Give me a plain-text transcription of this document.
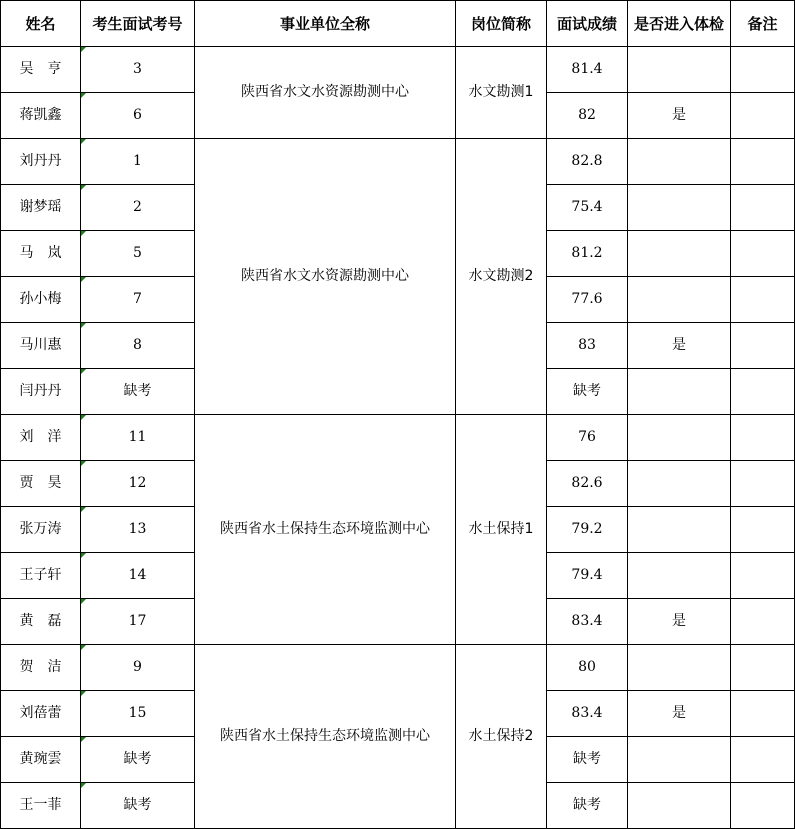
姓名	考生面试考号	事业单位全称	岗位简称	面试成绩	是否进入体检	备注
吴　亨	3	陕西省水文水资源勘测中心	水文勘测1	81.4		
蒋凯鑫	6			82	是	
刘丹丹	1	陕西省水文水资源勘测中心	水文勘测2	82.8		
谢梦瑶	2			75.4		
马　岚	5			81.2		
孙小梅	7			77.6		
马川惠	8			83	是	
闫丹丹	缺考			缺考		
刘　洋	11	陕西省水土保持生态环境监测中心	水土保持1	76		
贾　昊	12			82.6		
张万涛	13			79.2		
王子轩	14			79.4		
黄　磊	17			83.4	是	
贺　洁	9	陕西省水土保持生态环境监测中心	水土保持2	80		
刘蓓蕾	15			83.4	是	
黄琬雲	缺考			缺考		
王一菲	缺考			缺考		
